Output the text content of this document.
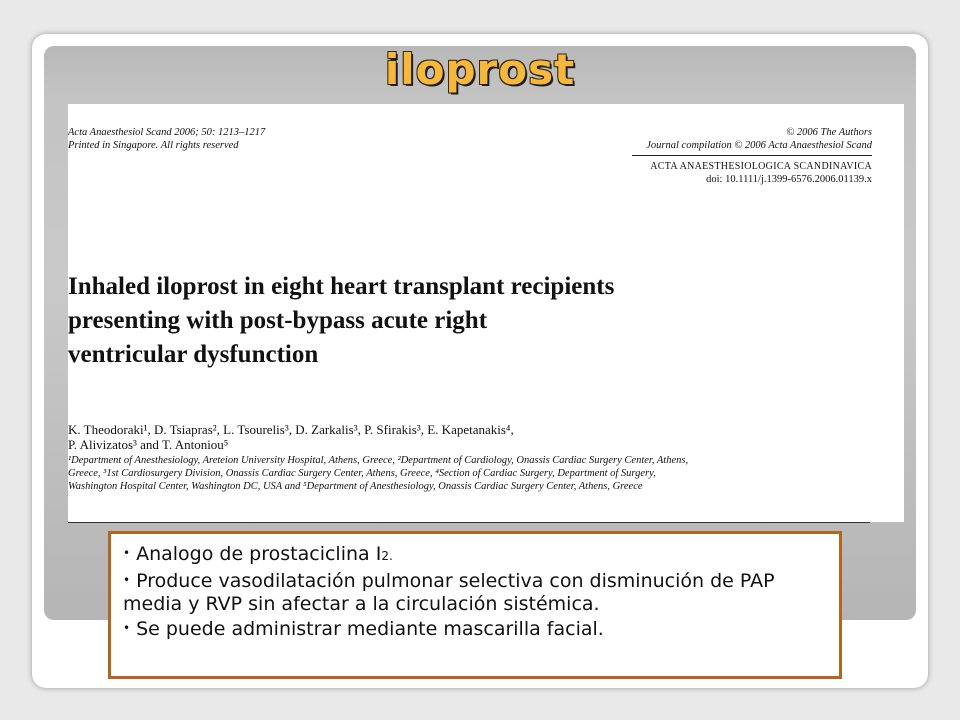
iloprost
Acta Anaesthesiol Scand 2006; 50: 1213–1217
Printed in Singapore. All rights reserved
© 2006 The Authors
Journal compilation © 2006 Acta Anaesthesiol Scand
ACTA ANAESTHESIOLOGICA SCANDINAVICA
doi: 10.1111/j.1399-6576.2006.01139.x
Inhaled iloprost in eight heart transplant recipients
presenting with post-bypass acute right
ventricular dysfunction
K. Theodoraki¹, D. Tsiapras², L. Tsourelis³, D. Zarkalis³, P. Sfirakis³, E. Kapetanakis⁴,
P. Alivizatos³ and T. Antoniou⁵
¹Department of Anesthesiology, Areteion University Hospital, Athens, Greece, ²Department of Cardiology, Onassis Cardiac Surgery Center, Athens,
Greece, ³1st Cardiosurgery Division, Onassis Cardiac Surgery Center, Athens, Greece, ⁴Section of Cardiac Surgery, Department of Surgery,
Washington Hospital Center, Washington DC, USA and ⁵Department of Anesthesiology, Onassis Cardiac Surgery Center, Athens, Greece

• Analogo de prostaciclina I2.

• Produce vasodilatación pulmonar selectiva con disminución de PAP media y RVP sin afectar a la circulación sistémica.

• Se puede administrar mediante mascarilla facial.
